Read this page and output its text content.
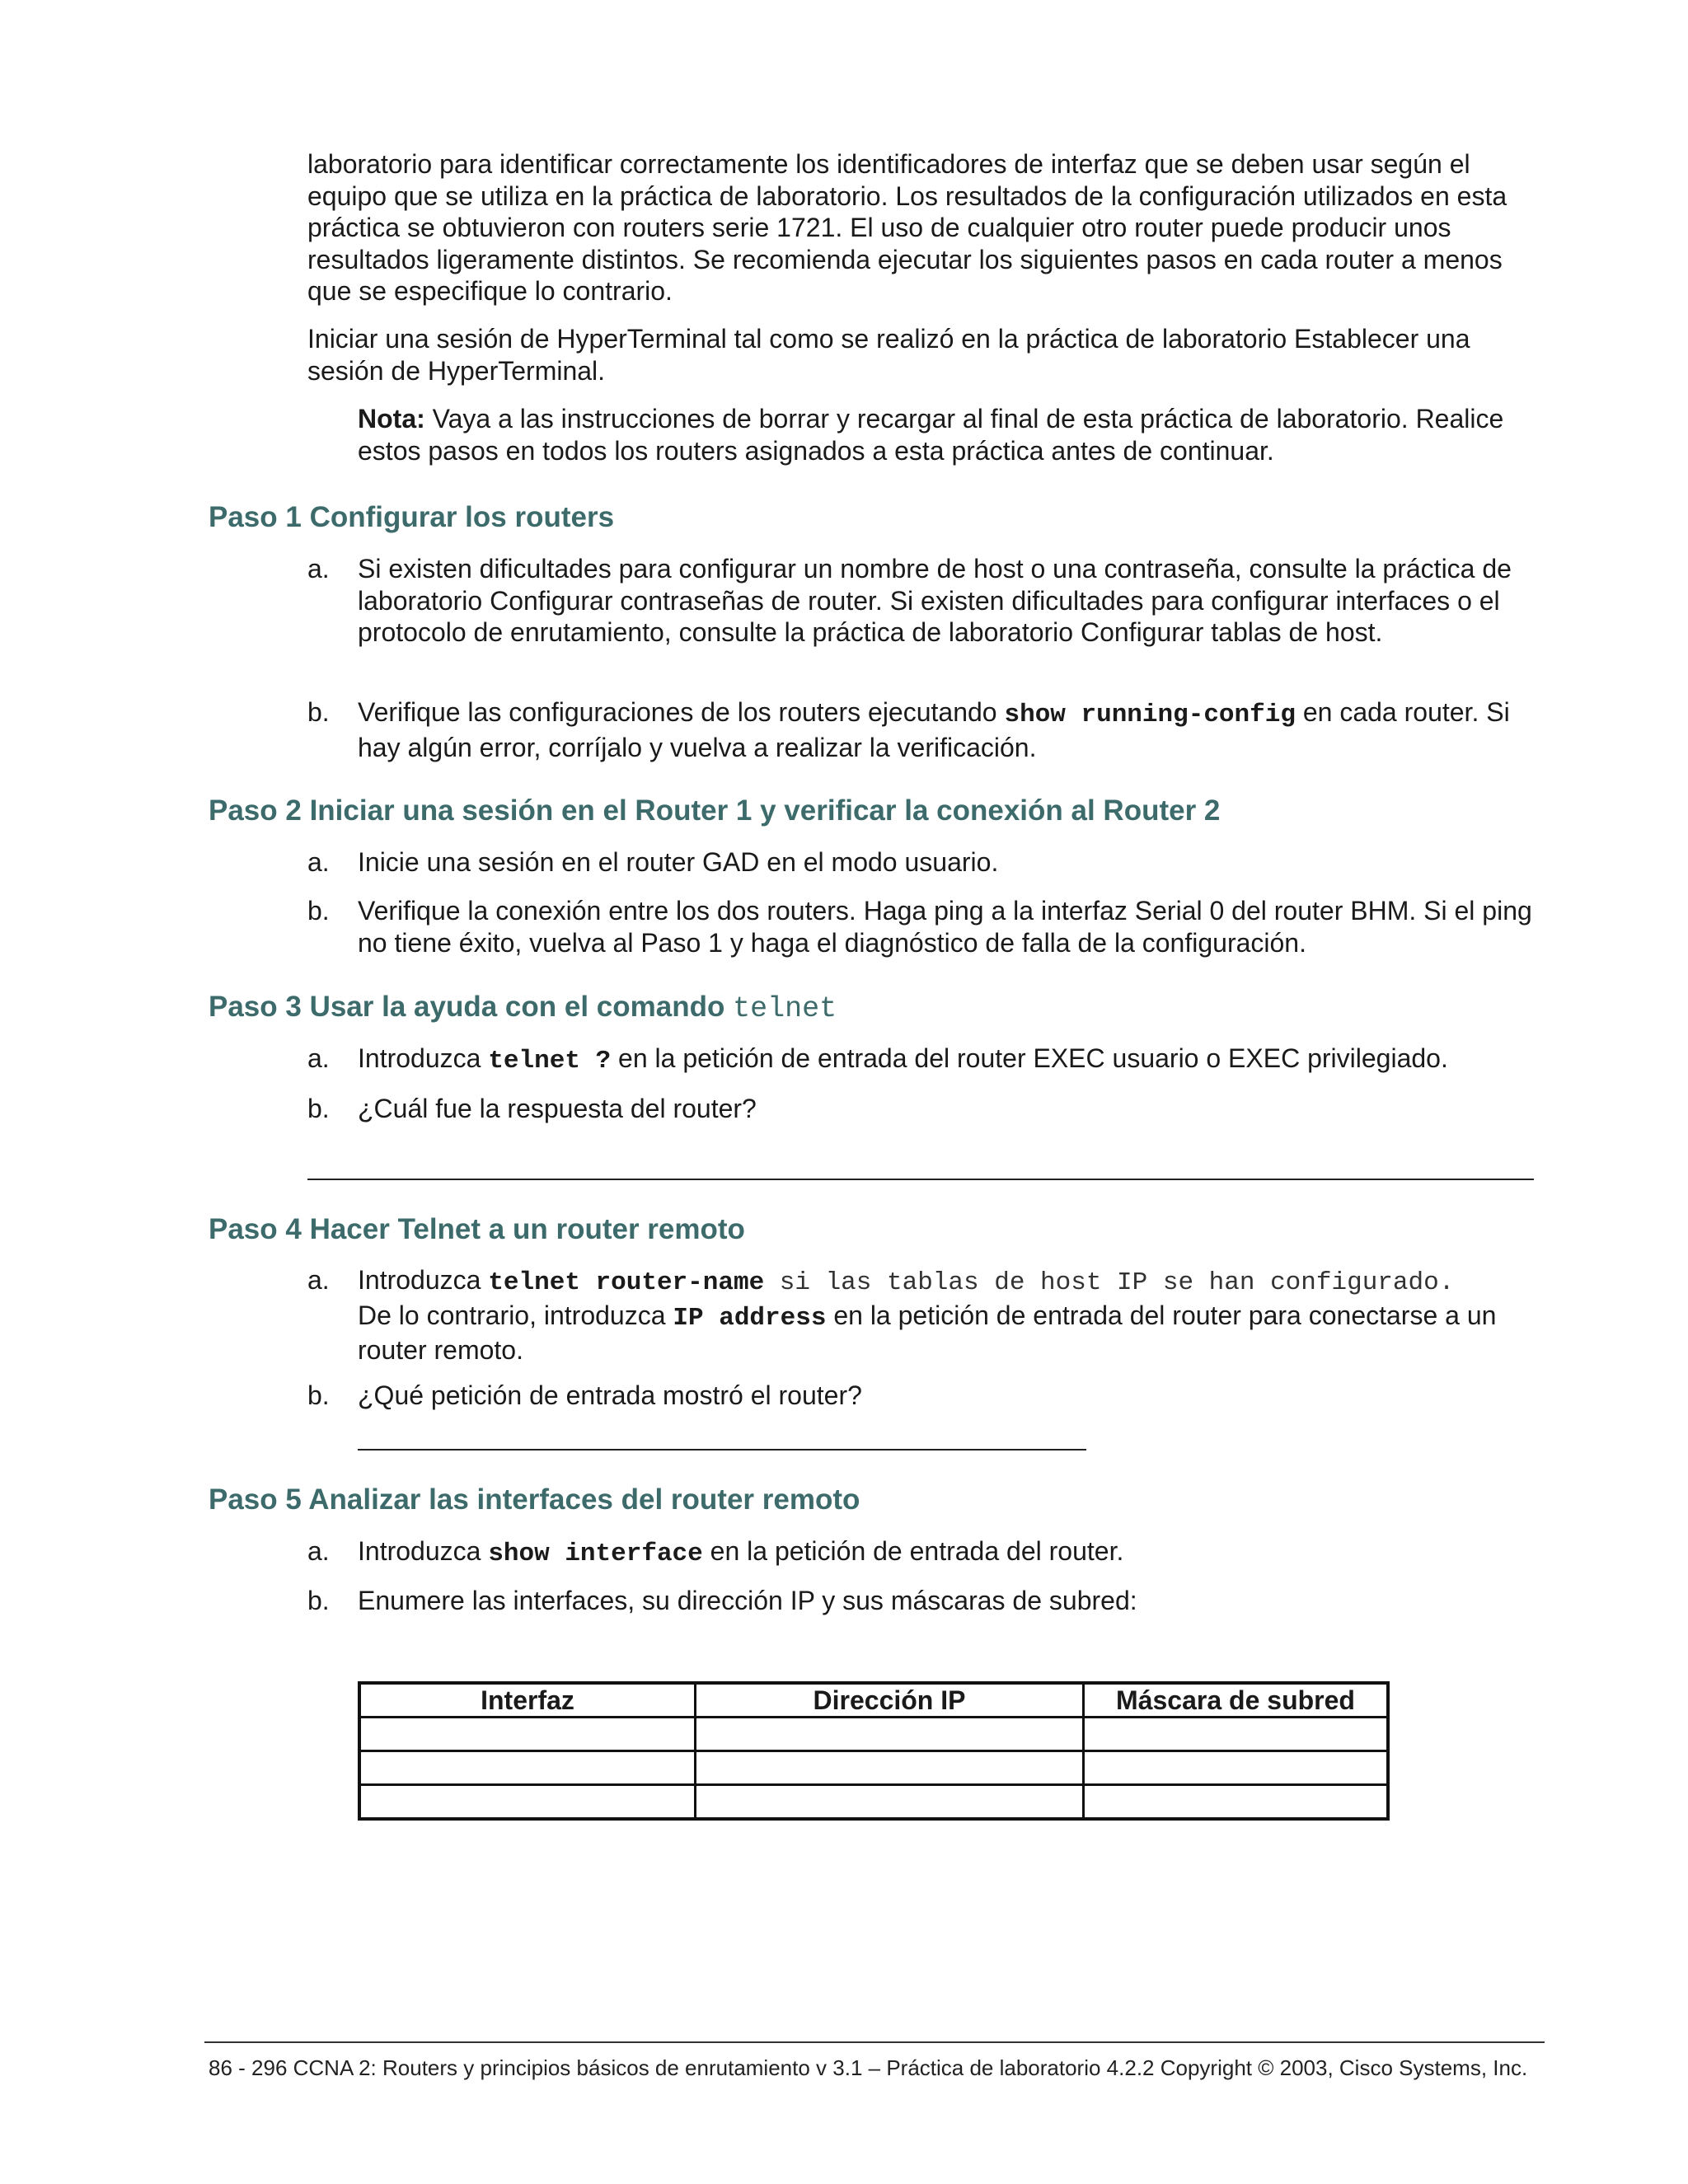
laboratorio para identificar correctamente los identificadores de interfaz que se deben usar según el equipo que se utiliza en la práctica de laboratorio. Los resultados de la configuración utilizados en esta práctica se obtuvieron con routers serie 1721. El uso de cualquier otro router puede producir unos resultados ligeramente distintos. Se recomienda ejecutar los siguientes pasos en cada router a menos que se especifique lo contrario.

Iniciar una sesión de HyperTerminal tal como se realizó en la práctica de laboratorio Establecer una sesión de HyperTerminal.

Nota: Vaya a las instrucciones de borrar y recargar al final de esta práctica de laboratorio. Realice estos pasos en todos los routers asignados a esta práctica antes de continuar.

Paso 1 Configurar los routers
a.	Si existen dificultades para configurar un nombre de host o una contraseña, consulte la práctica de laboratorio Configurar contraseñas de router. Si existen dificultades para configurar interfaces o el protocolo de enrutamiento, consulte la práctica de laboratorio Configurar tablas de host.
b.	Verifique las configuraciones de los routers ejecutando show running-config en cada router. Si hay algún error, corríjalo y vuelva a realizar la verificación.
Paso 2 Iniciar una sesión en el Router 1 y verificar la conexión al Router 2
a.	Inicie una sesión en el router GAD en el modo usuario.
b.	Verifique la conexión entre los dos routers. Haga ping a la interfaz Serial 0 del router BHM. Si el ping no tiene éxito, vuelva al Paso 1 y haga el diagnóstico de falla de la configuración.
Paso 3 Usar la ayuda con el comando telnet
a.	Introduzca telnet ? en la petición de entrada del router EXEC usuario o EXEC privilegiado.
b.	¿Cuál fue la respuesta del router?
Paso 4 Hacer Telnet a un router remoto
a.	Introduzca telnet router-name si las tablas de host IP se han configurado.
De lo contrario, introduzca IP address en la petición de entrada del router para conectarse a un router remoto.
b.	¿Qué petición de entrada mostró el router?
Paso 5 Analizar las interfaces del router remoto
a.	Introduzca show interface en la petición de entrada del router.
b.	Enumere las interfaces, su dirección IP y sus máscaras de subred:
Interfaz	Dirección IP	Máscara de subred

86 - 296 CCNA 2: Routers y principios básicos de enrutamiento v 3.1 – Práctica de laboratorio 4.2.2 Copyright © 2003, Cisco Systems, Inc.
